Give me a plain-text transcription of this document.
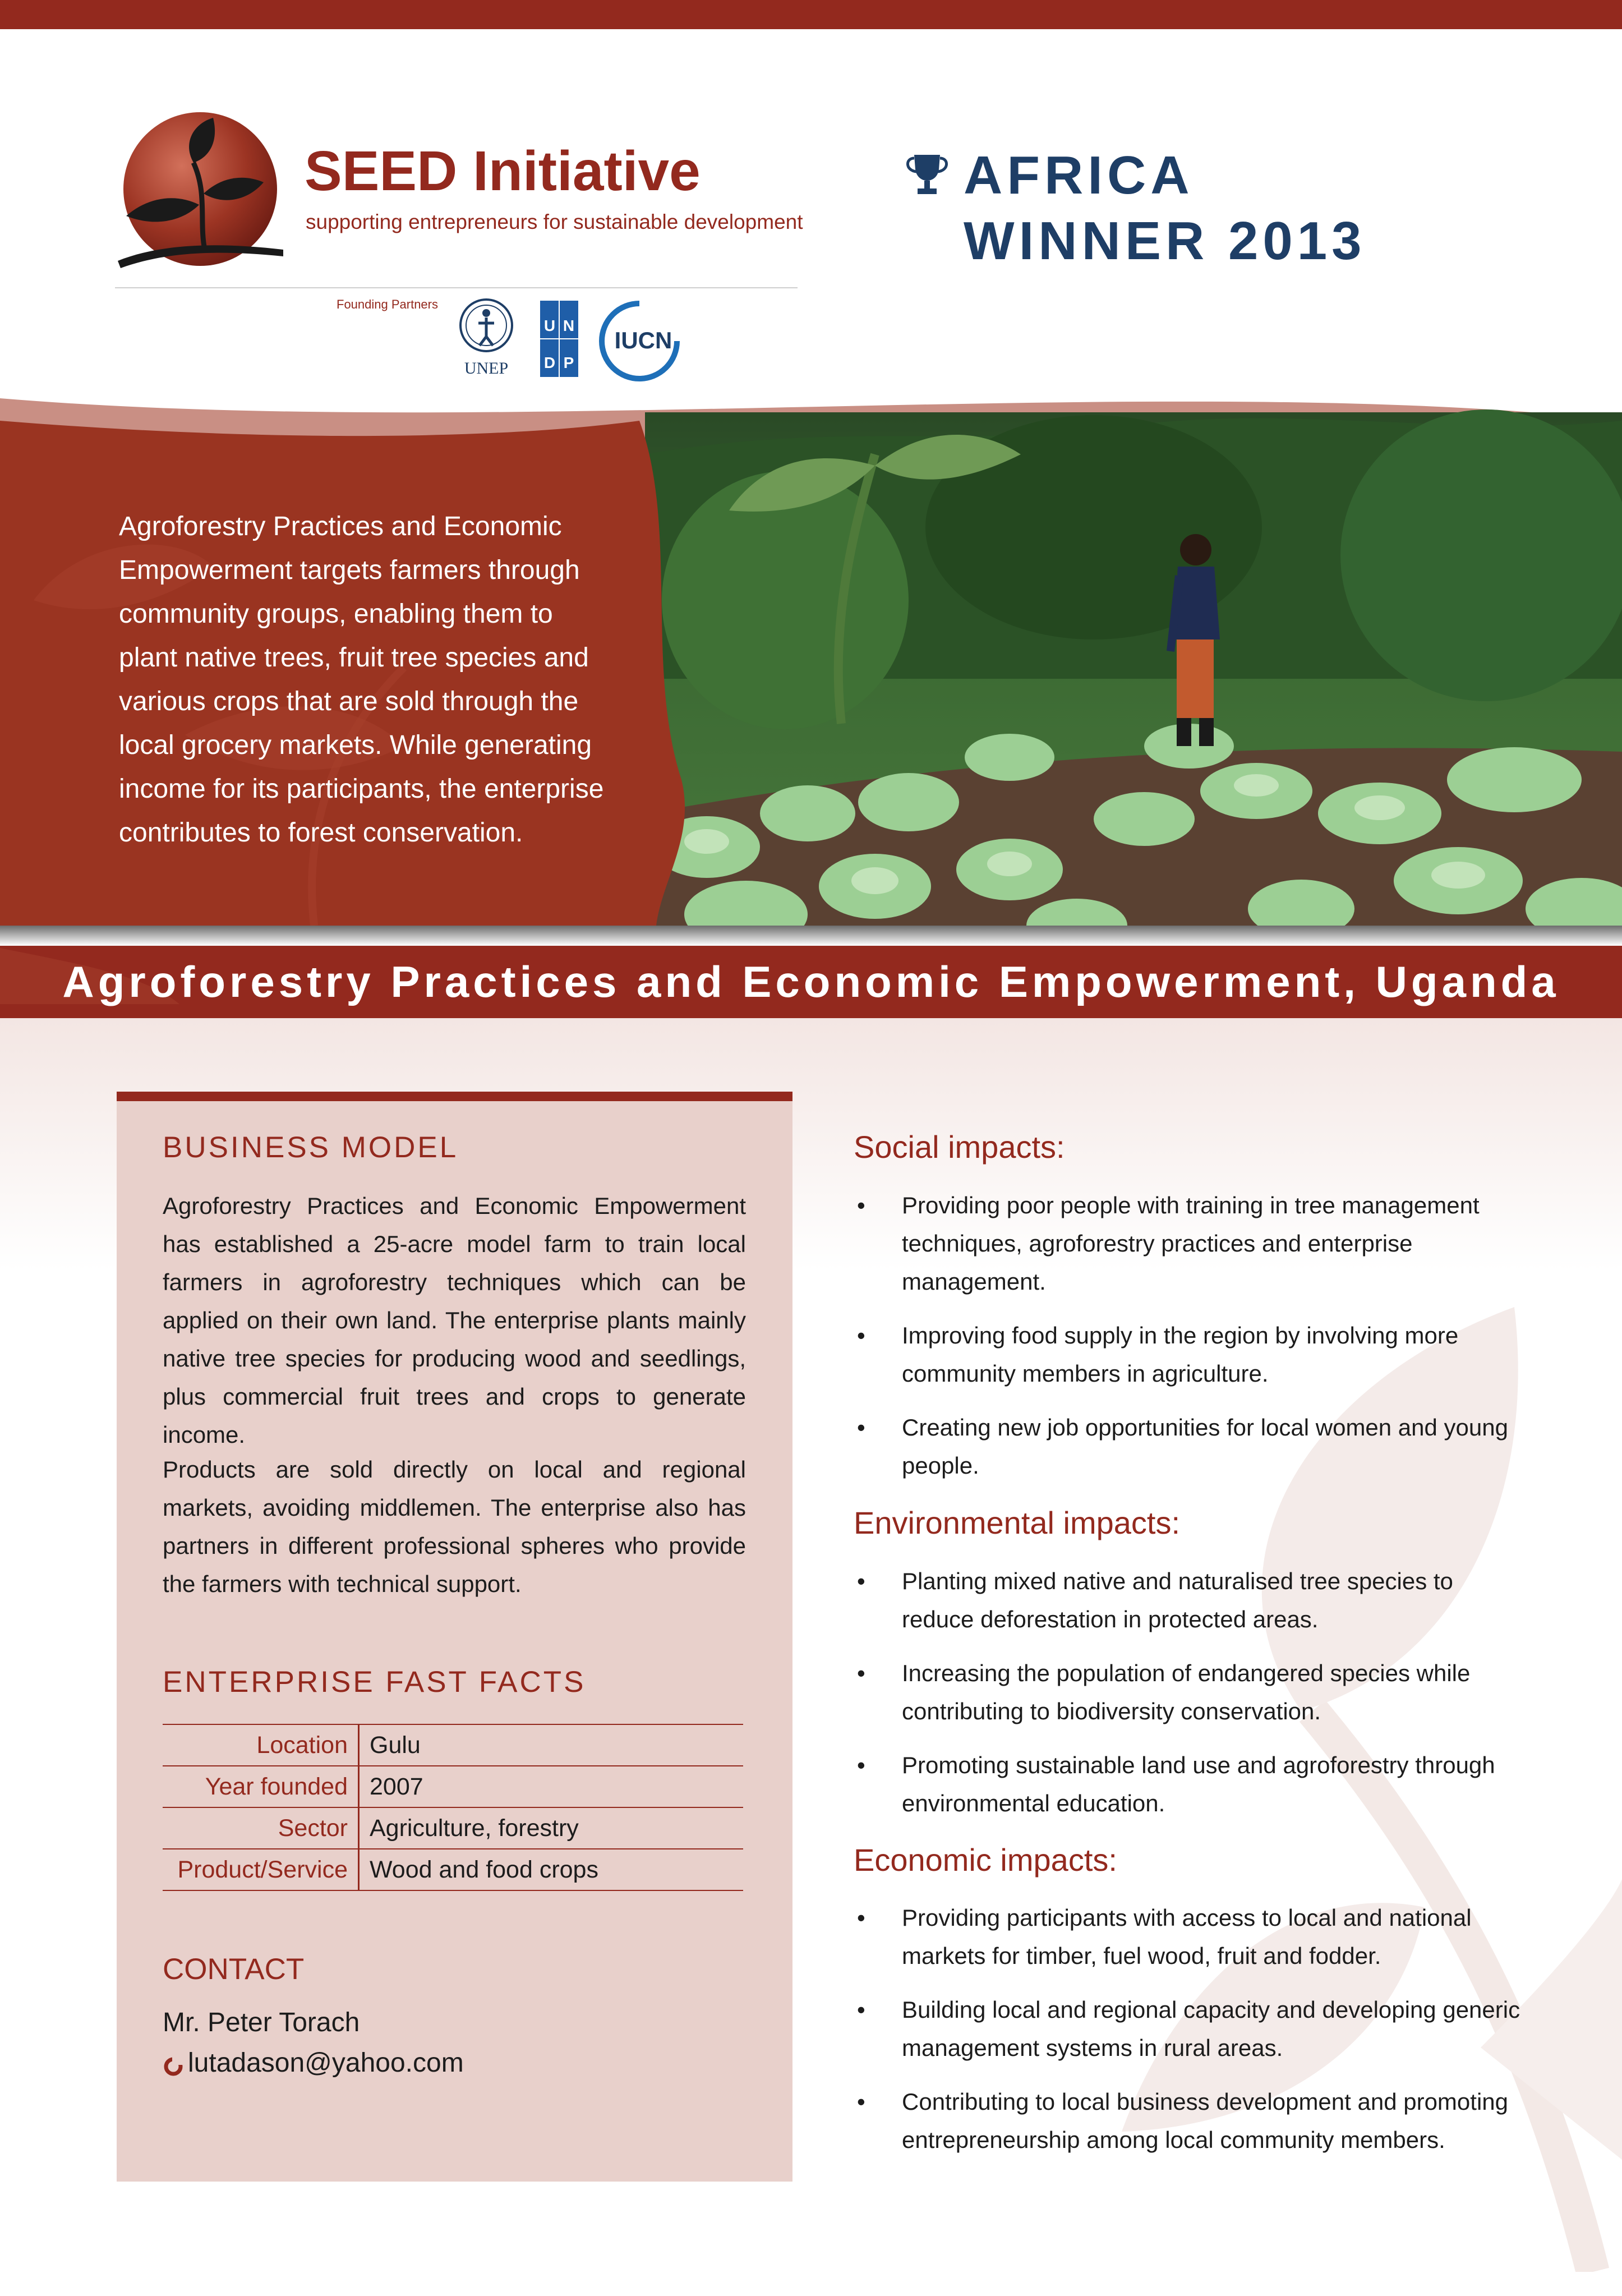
SEED Initiative
supporting entrepreneurs for sustainable development
Founding Partners
UNEP
U N
D P
IUCN
AFRICA
WINNER 2013
Agroforestry Practices and Economic Empowerment targets farmers through community groups, enabling them to plant native trees, fruit tree species and various crops that are sold through the local grocery markets. While generating income for its participants, the enterprise contributes to forest conservation.
Agroforestry Practices and Economic Empowerment, Uganda
BUSINESS MODEL
Agroforestry Practices and Economic Empowerment has established a 25-acre model farm to train local farmers in agroforestry techniques which can be applied on their own land. The enterprise plants mainly native tree species for producing wood and seedlings, plus commercial fruit trees and crops to generate income.
Products are sold directly on local and regional markets, avoiding middlemen. The enterprise also has partners in different professional spheres who provide the farmers with technical support.
ENTERPRISE FAST FACTS
Location	Gulu
Year founded	2007
Sector	Agriculture, forestry
Product/Service	Wood and food crops
CONTACT
Mr. Peter Torach
lutadason@yahoo.com
Social impacts:
• Providing poor people with training in tree management techniques, agroforestry practices and enterprise management.
• Improving food supply in the region by involving more community members in agriculture.
• Creating new job opportunities for local women and young people.
Environmental impacts:
• Planting mixed native and naturalised tree species to reduce deforestation in protected areas.
• Increasing the population of endangered species while contributing to biodiversity conservation.
• Promoting sustainable land use and agroforestry through environmental education.
Economic impacts:
• Providing participants with access to local and national markets for timber, fuel wood, fruit and fodder.
• Building local and regional capacity and developing generic management systems in rural areas.
• Contributing to local business development and promoting entrepreneurship among local community members.
